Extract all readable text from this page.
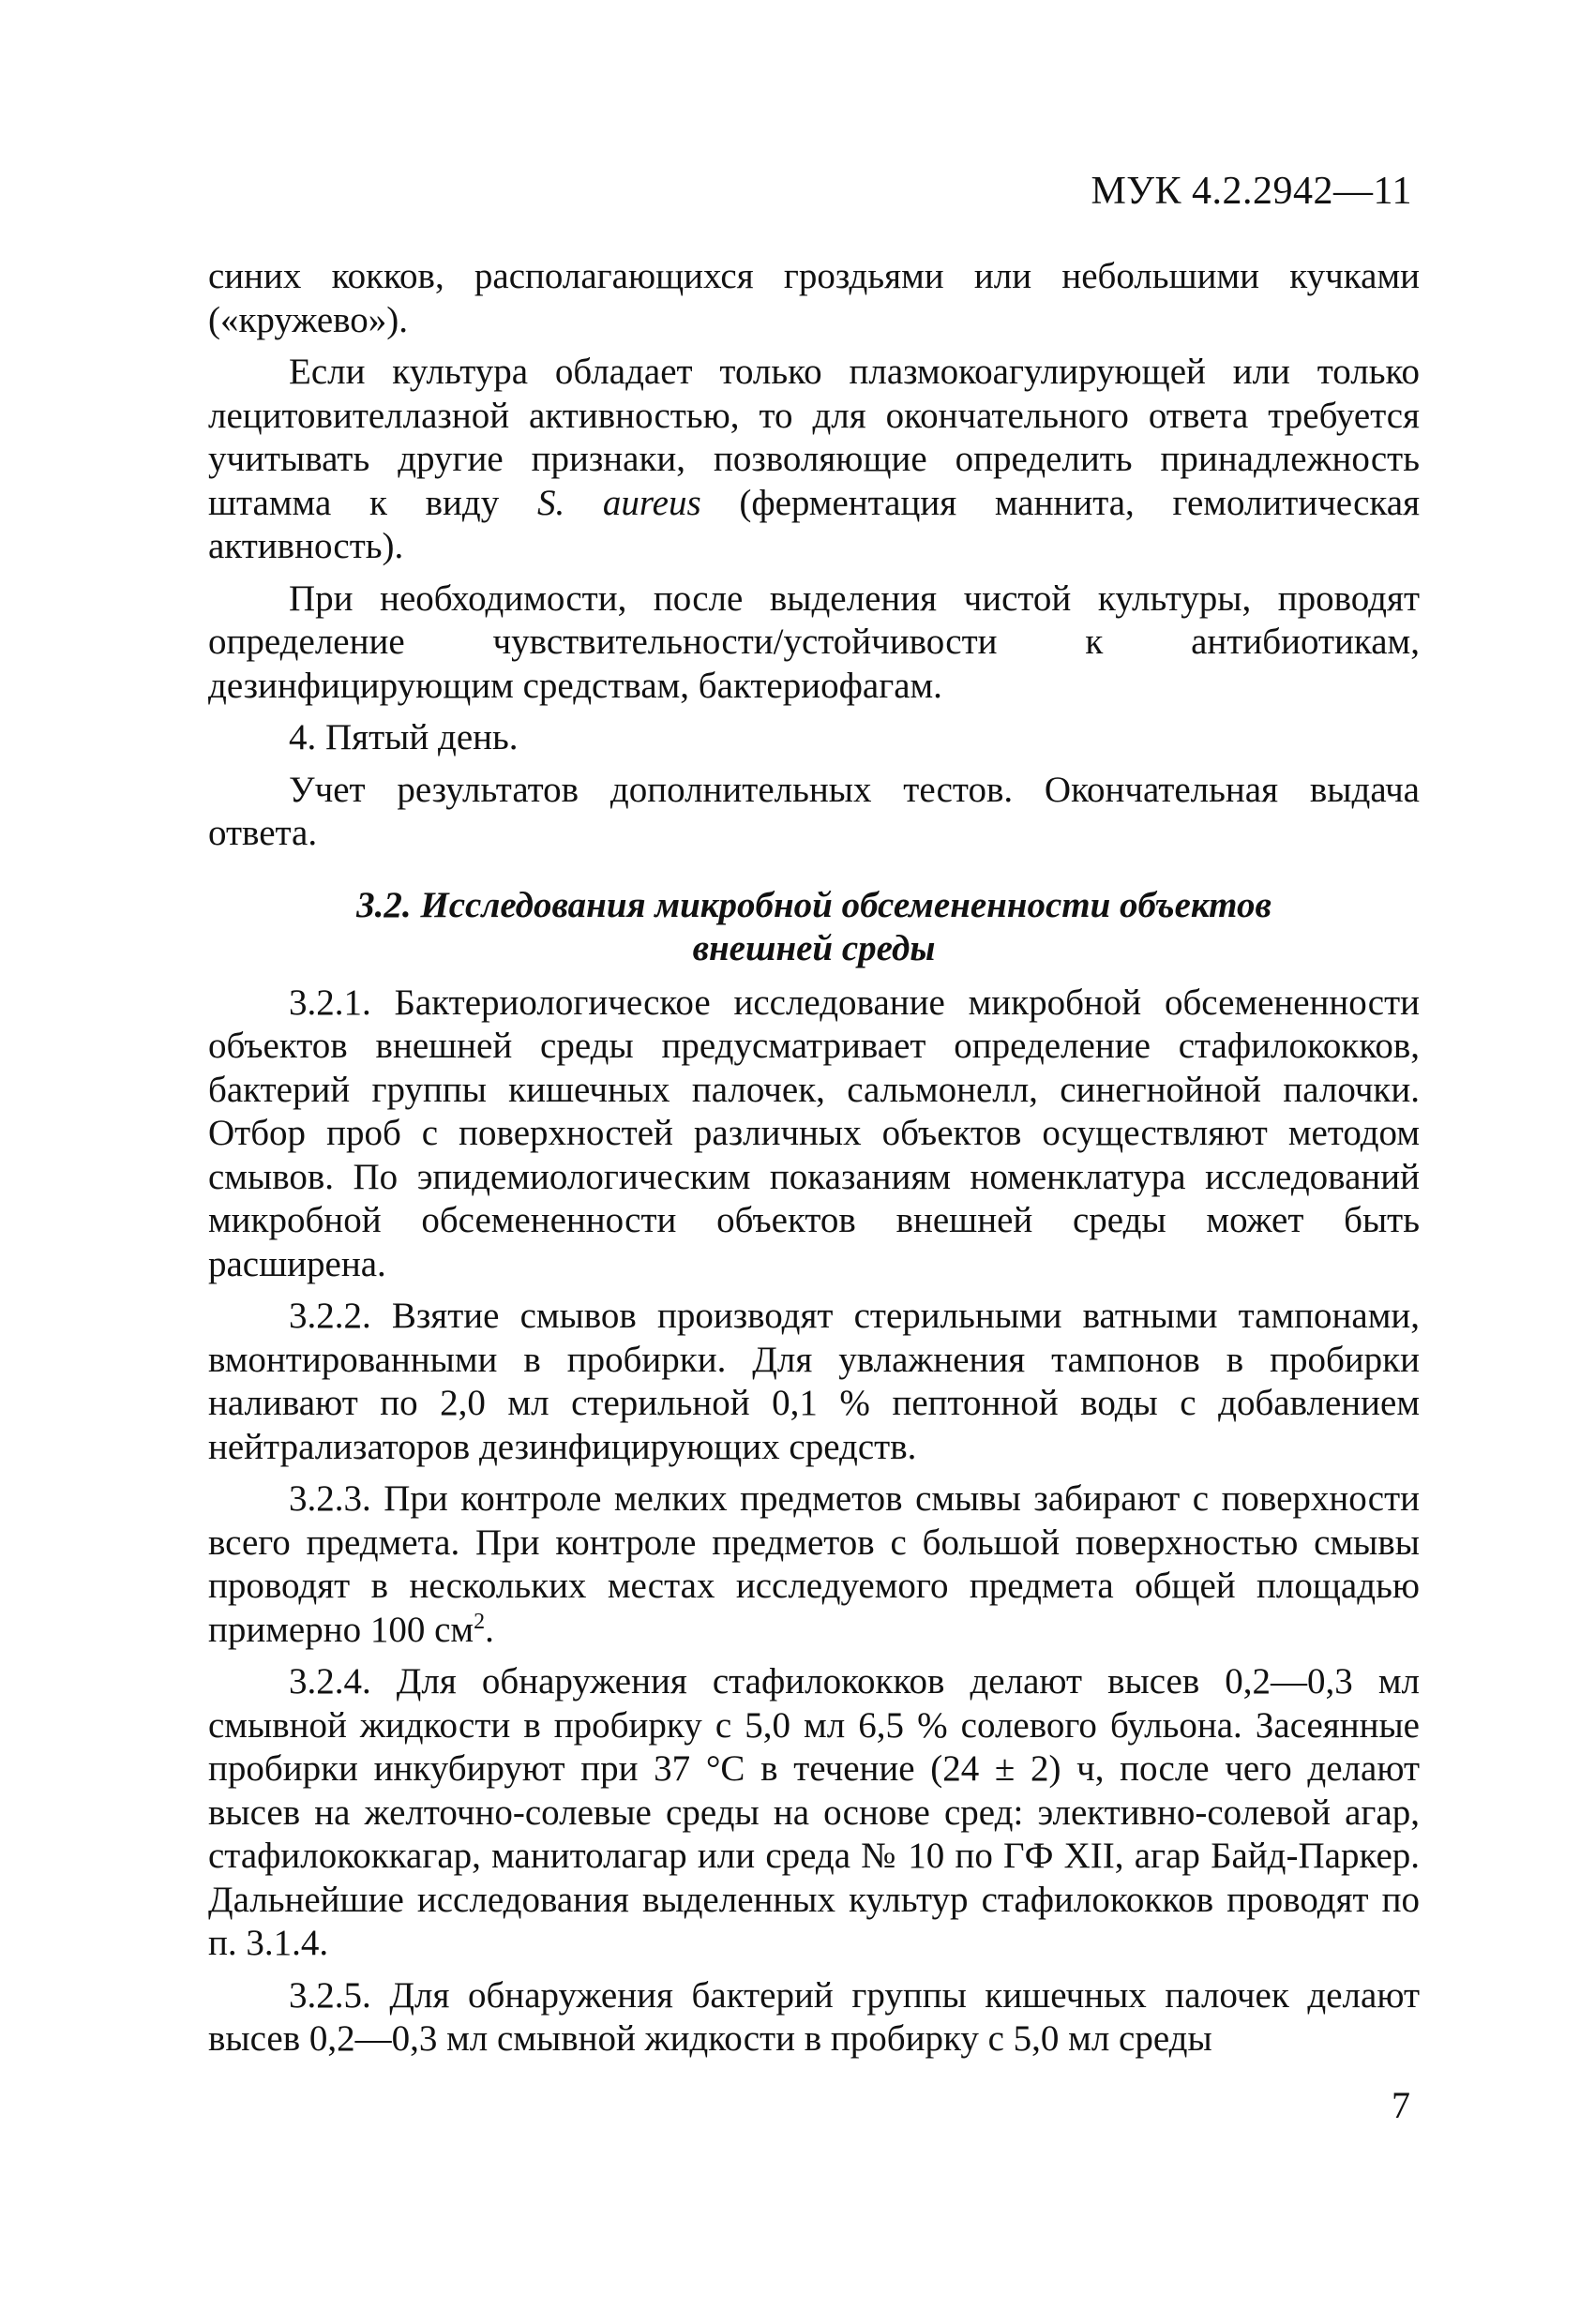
МУК 4.2.2942—11

синих кокков, располагающихся гроздьями или небольшими кучками («кружево»).

Если культура обладает только плазмокоагулирующей или только лецитовителлазной активностью, то для окончательного ответа требуется учитывать другие признаки, позволяющие определить принадлежность штамма к виду S. aureus (ферментация маннита, гемолитическая активность).

При необходимости, после выделения чистой культуры, проводят определение чувствительности/устойчивости к антибиотикам, дезинфицирующим средствам, бактериофагам.

4. Пятый день.

Учет результатов дополнительных тестов. Окончательная выдача ответа.

3.2. Исследования микробной обсемененности объектов
внешней среды

3.2.1. Бактериологическое исследование микробной обсемененности объектов внешней среды предусматривает определение стафилококков, бактерий группы кишечных палочек, сальмонелл, синегнойной палочки. Отбор проб с поверхностей различных объектов осуществляют методом смывов. По эпидемиологическим показаниям номенклатура исследований микробной обсемененности объектов внешней среды может быть расширена.

3.2.2. Взятие смывов производят стерильными ватными тампонами, вмонтированными в пробирки. Для увлажнения тампонов в пробирки наливают по 2,0 мл стерильной 0,1 % пептонной воды с добавлением нейтрализаторов дезинфицирующих средств.

3.2.3. При контроле мелких предметов смывы забирают с поверхности всего предмета. При контроле предметов с большой поверхностью смывы проводят в нескольких местах исследуемого предмета общей площадью примерно 100 $см^2$.

3.2.4. Для обнаружения стафилококков делают высев 0,2—0,3 мл смывной жидкости в пробирку с 5,0 мл 6,5 % солевого бульона. Засеянные пробирки инкубируют при 37 °С в течение (24 ± 2) ч, после чего делают высев на желточно-солевые среды на основе сред: элективно-солевой агар, стафилококкагар, манитолагар или среда № 10 по ГФ XII, агар Байд-Паркер. Дальнейшие исследования выделенных культур стафилококков проводят по п. 3.1.4.

3.2.5. Для обнаружения бактерий группы кишечных палочек делают высев 0,2—0,3 мл смывной жидкости в пробирку с 5,0 мл среды

7
